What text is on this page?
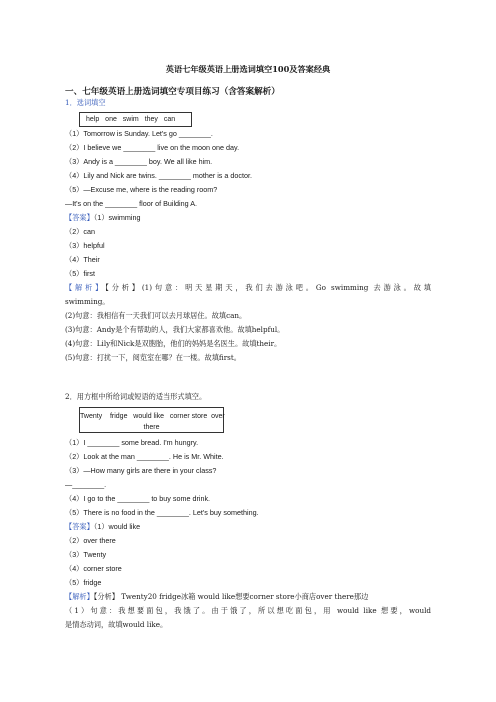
英语七年级英语上册选词填空100及答案经典
一、七年级英语上册选词填空专项目练习（含答案解析）
1．选词填空
help one swim they can
（1）Tomorrow is Sunday. Let's go ________.
（2）I believe we ________ live on the moon one day.
（3）Andy is a ________ boy. We all like him.
（4）Lily and Nick are twins. ________ mother is a doctor.
（5）—Excuse me, where is the reading room?
—It's on the ________ floor of Building A.
【答案】（1）swimming
（2）can
（3）helpful
（4）Their
（5）first
【解析】【分析】(1)句意：明天星期天，我们去游泳吧。Go swimming 去游泳。故填
swimming。
(2)句意：我相信有一天我们可以去月球居住。故填can。
(3)句意：Andy是个有帮助的人，我们大家都喜欢他。故填helpful。
(4)句意：Lily和Nick是双胞胎，他们的妈妈是名医生。故填their。
(5)句意：打扰一下，阅览室在哪？在一楼。故填first。
2．用方框中所给词或短语的适当形式填空。
Twenty    fridge   would like   corner store  over
there
（1）I ________ some bread. I'm hungry.
（2）Look at the man ________. He is Mr. White.
（3）—How many girls are there in your class?
—________.
（4）I go to the ________ to buy some drink.
（5）There is no food in the ________. Let's buy something.
【答案】（1）would like
（2）over there
（3）Twenty
（4）corner store
（5）fridge
【解析】【分析】 Twenty20 fridge冰箱 would like想要corner store小商店over there那边
（1）句意：我想要面包，我饿了。由于饿了，所以想吃面包，用 would like 想要，would
是情态动词，故填would like。
